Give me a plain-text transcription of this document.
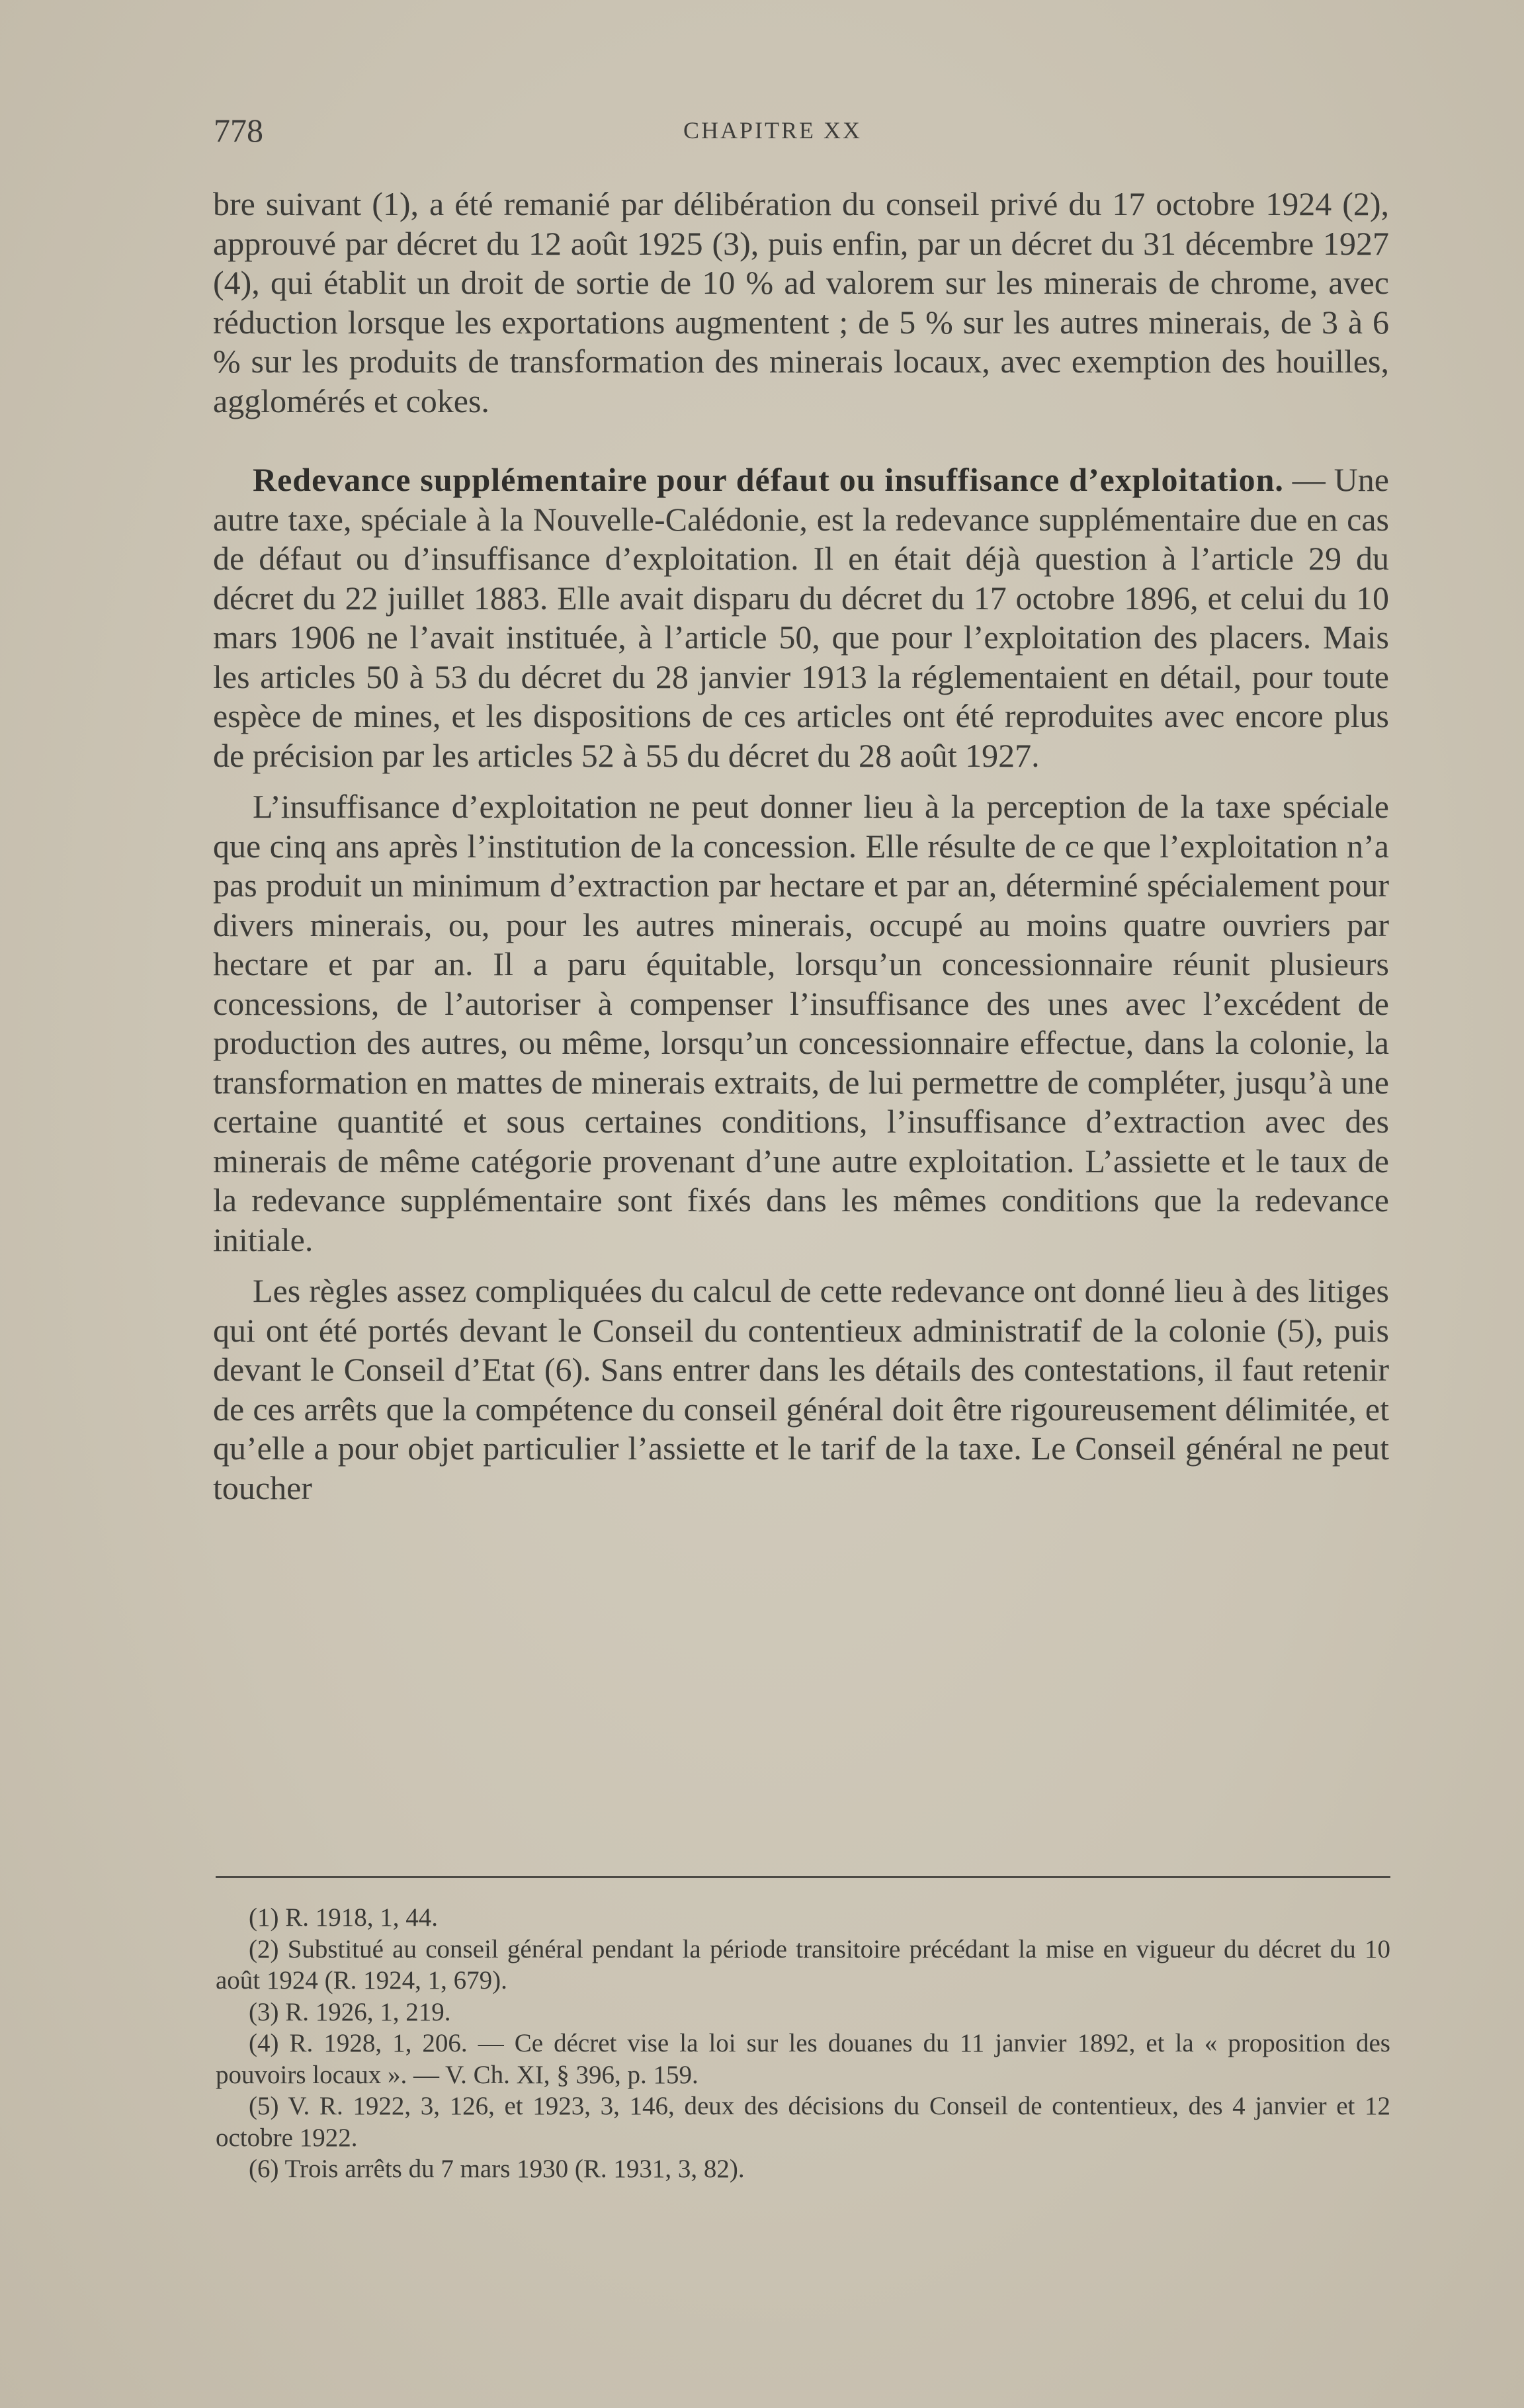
778	CHAPITRE XX

bre suivant (1), a été remanié par délibération du conseil privé du 17 octobre 1924 (2), approuvé par décret du 12 août 1925 (3), puis enfin, par un décret du 31 décembre 1927 (4), qui établit un droit de sortie de 10 % ad valorem sur les minerais de chrome, avec réduction lorsque les exportations augmentent ; de 5 % sur les autres minerais, de 3 à 6 % sur les produits de transformation des minerais locaux, avec exemption des houilles, agglomérés et cokes.

Redevance supplémentaire pour défaut ou insuffisance d’exploitation. — Une autre taxe, spéciale à la Nouvelle-Calédonie, est la redevance supplémentaire due en cas de défaut ou d’insuffisance d’exploitation. Il en était déjà question à l’article 29 du décret du 22 juillet 1883. Elle avait disparu du décret du 17 octobre 1896, et celui du 10 mars 1906 ne l’avait instituée, à l’article 50, que pour l’exploitation des placers. Mais les articles 50 à 53 du décret du 28 janvier 1913 la réglementaient en détail, pour toute espèce de mines, et les dispositions de ces articles ont été reproduites avec encore plus de précision par les articles 52 à 55 du décret du 28 août 1927.

L’insuffisance d’exploitation ne peut donner lieu à la perception de la taxe spéciale que cinq ans après l’institution de la concession. Elle résulte de ce que l’exploitation n’a pas produit un minimum d’extraction par hectare et par an, déterminé spécialement pour divers minerais, ou, pour les autres minerais, occupé au moins quatre ouvriers par hectare et par an. Il a paru équitable, lorsqu’un concessionnaire réunit plusieurs concessions, de l’autoriser à compenser l’insuffisance des unes avec l’excédent de production des autres, ou même, lorsqu’un concessionnaire effectue, dans la colonie, la transformation en mattes de minerais extraits, de lui permettre de compléter, jusqu’à une certaine quantité et sous certaines conditions, l’insuffisance d’extraction avec des minerais de même catégorie provenant d’une autre exploitation. L’assiette et le taux de la redevance supplémentaire sont fixés dans les mêmes conditions que la redevance initiale.

Les règles assez compliquées du calcul de cette redevance ont donné lieu à des litiges qui ont été portés devant le Conseil du contentieux administratif de la colonie (5), puis devant le Conseil d’Etat (6). Sans entrer dans les détails des contestations, il faut retenir de ces arrêts que la compétence du conseil général doit être rigoureusement délimitée, et qu’elle a pour objet particulier l’assiette et le tarif de la taxe. Le Conseil général ne peut toucher

(1) R. 1918, 1, 44.

(2) Substitué au conseil général pendant la période transitoire précédant la mise en vigueur du décret du 10 août 1924 (R. 1924, 1, 679).

(3) R. 1926, 1, 219.

(4) R. 1928, 1, 206. — Ce décret vise la loi sur les douanes du 11 janvier 1892, et la « proposition des pouvoirs locaux ». — V. Ch. XI, § 396, p. 159.

(5) V. R. 1922, 3, 126, et 1923, 3, 146, deux des décisions du Conseil de contentieux, des 4 janvier et 12 octobre 1922.

(6) Trois arrêts du 7 mars 1930 (R. 1931, 3, 82).
